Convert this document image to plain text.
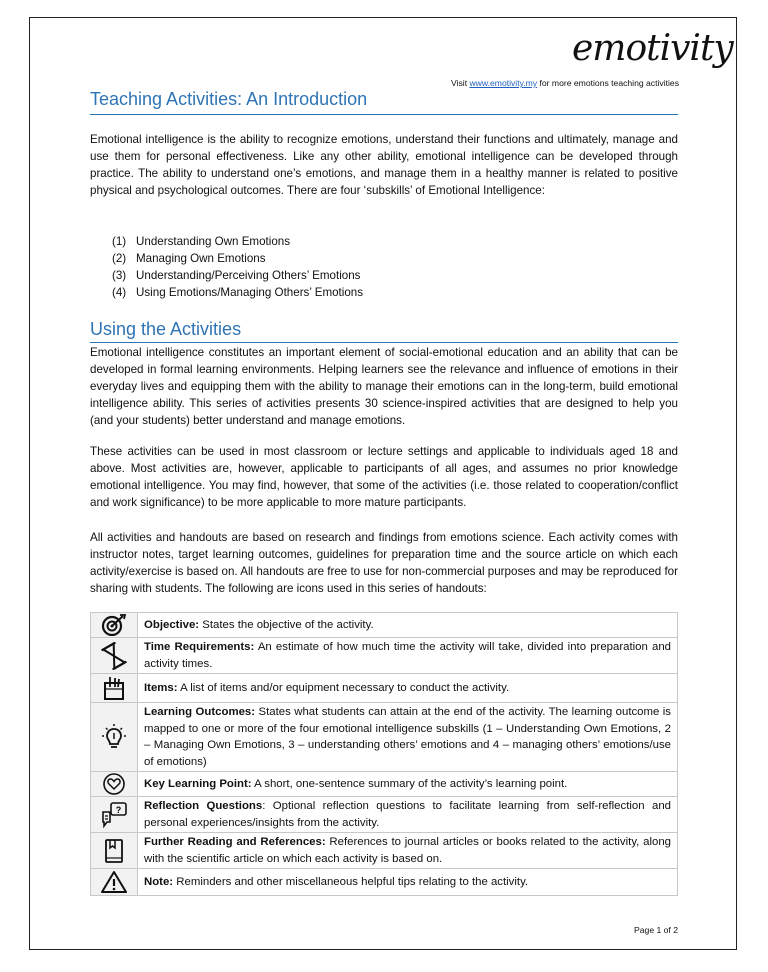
emotivity
Visit www.emotivity.my for more emotions teaching activities
Teaching Activities: An Introduction

Emotional intelligence is the ability to recognize emotions, understand their functions and ultimately, manage and use them for personal effectiveness. Like any other ability, emotional intelligence can be developed through practice. The ability to understand one’s emotions, and manage them in a healthy manner is related to positive physical and psychological outcomes. There are four ‘subskills’ of Emotional Intelligence:

(1) Understanding Own Emotions
(2) Managing Own Emotions
(3) Understanding/Perceiving Others’ Emotions
(4) Using Emotions/Managing Others’ Emotions
Using the Activities

Emotional intelligence constitutes an important element of social-emotional education and an ability that can be developed in formal learning environments. Helping learners see the relevance and influence of emotions in their everyday lives and equipping them with the ability to manage their emotions can in the long-term, build emotional intelligence ability. This series of activities presents 30 science-inspired activities that are designed to help you (and your students) better understand and manage emotions.

These activities can be used in most classroom or lecture settings and applicable to individuals aged 18 and above. Most activities are, however, applicable to participants of all ages, and assumes no prior knowledge emotional intelligence. You may find, however, that some of the activities (i.e. those related to cooperation/conflict and work significance) to be more applicable to more mature participants.

All activities and handouts are based on research and findings from emotions science. Each activity comes with instructor notes, target learning outcomes, guidelines for preparation time and the source article on which each activity/exercise is based on. All handouts are free to use for non-commercial purposes and may be reproduced for sharing with students. The following are icons used in this series of handouts:

	Objective: States the objective of the activity.

	Time Requirements: An estimate of how much time the activity will take, divided into preparation and activity times.

	Items: A list of items and/or equipment necessary to conduct the activity.

	Learning Outcomes: States what students can attain at the end of the activity. The learning outcome is mapped to one or more of the four emotional intelligence subskills (1 – Understanding Own Emotions, 2 – Managing Own Emotions, 3 – understanding others’ emotions and 4 – managing others’ emotions/use of emotions)

	Key Learning Point: A short, one-sentence summary of the activity’s learning point.

?	Reflection Questions: Optional reflection questions to facilitate learning from self-reflection and personal experiences/insights from the activity.

	Further Reading and References: References to journal articles or books related to the activity, along with the scientific article on which each activity is based on.

	Note: Reminders and other miscellaneous helpful tips relating to the activity.
Page 1 of 2
